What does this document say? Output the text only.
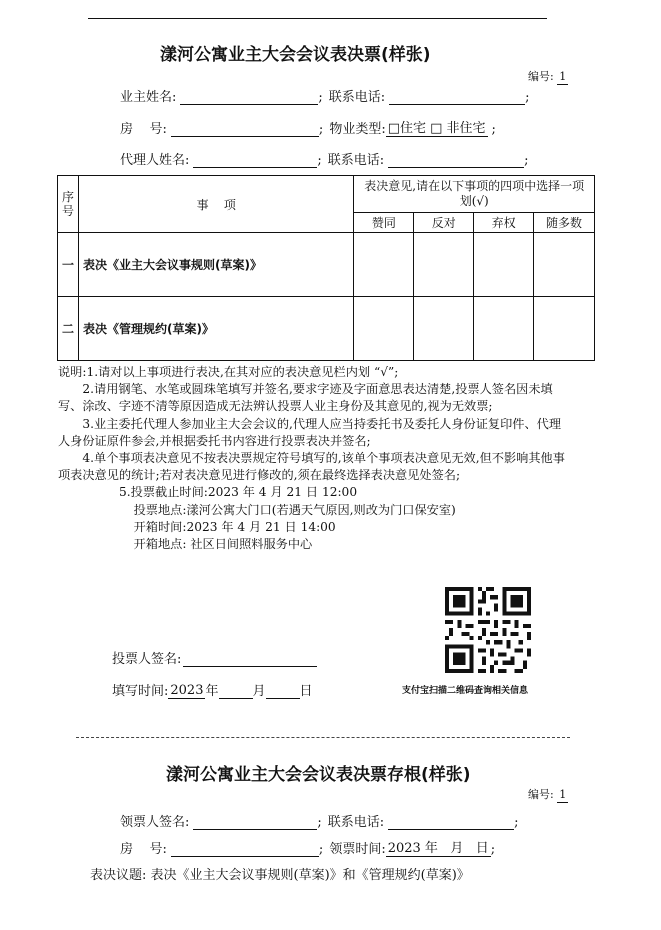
漾河公寓业主大会会议表决票(样张)
编号: 1
业主姓名:	; 联系电话:	;
房    号:	; 物业类型: □住宅 □ 非住宅 ;
代理人姓名:	; 联系电话:	;
序号	事    项	表决意见,请在以下事项的四项中选择一项划(√)			
		赞同	反对	弃权	随多数
一	表决《业主大会议事规则(草案)》				
二	表决《管理规约(草案)》				

说明:1.请对以上事项进行表决,在其对应的表决意见栏内划 “√”;

2.请用钢笔、水笔或圆珠笔填写并签名,要求字迹及字面意思表达清楚,投票人签名因未填写、涂改、字迹不清等原因造成无法辨认投票人业主身份及其意见的,视为无效票;

3.业主委托代理人参加业主大会会议的,代理人应当持委托书及委托人身份证复印件、代理人身份证原件参会,并根据委托书内容进行投票表决并签名;

4.单个事项表决意见不按表决票规定符号填写的,该单个事项表决意见无效,但不影响其他事项表决意见的统计;若对表决意见进行修改的,须在最终选择表决意见处签名;

5.投票截止时间:2023 年 4 月 21 日 12:00

投票地点:漾河公寓大门口(若遇天气原因,则改为门口保安室)

开箱时间:2023 年 4 月 21 日 14:00

开箱地点: 社区日间照料服务中心

支付宝扫描二维码查询相关信息
投票人签名:
填写时间: 2023 年	月	日
漾河公寓业主大会会议表决票存根(样张)
编号: 1
领票人签名:	; 联系电话:	;
房    号:	; 领票时间: 2023 年   月   日 ;
表决议题: 表决《业主大会议事规则(草案)》和《管理规约(草案)》
